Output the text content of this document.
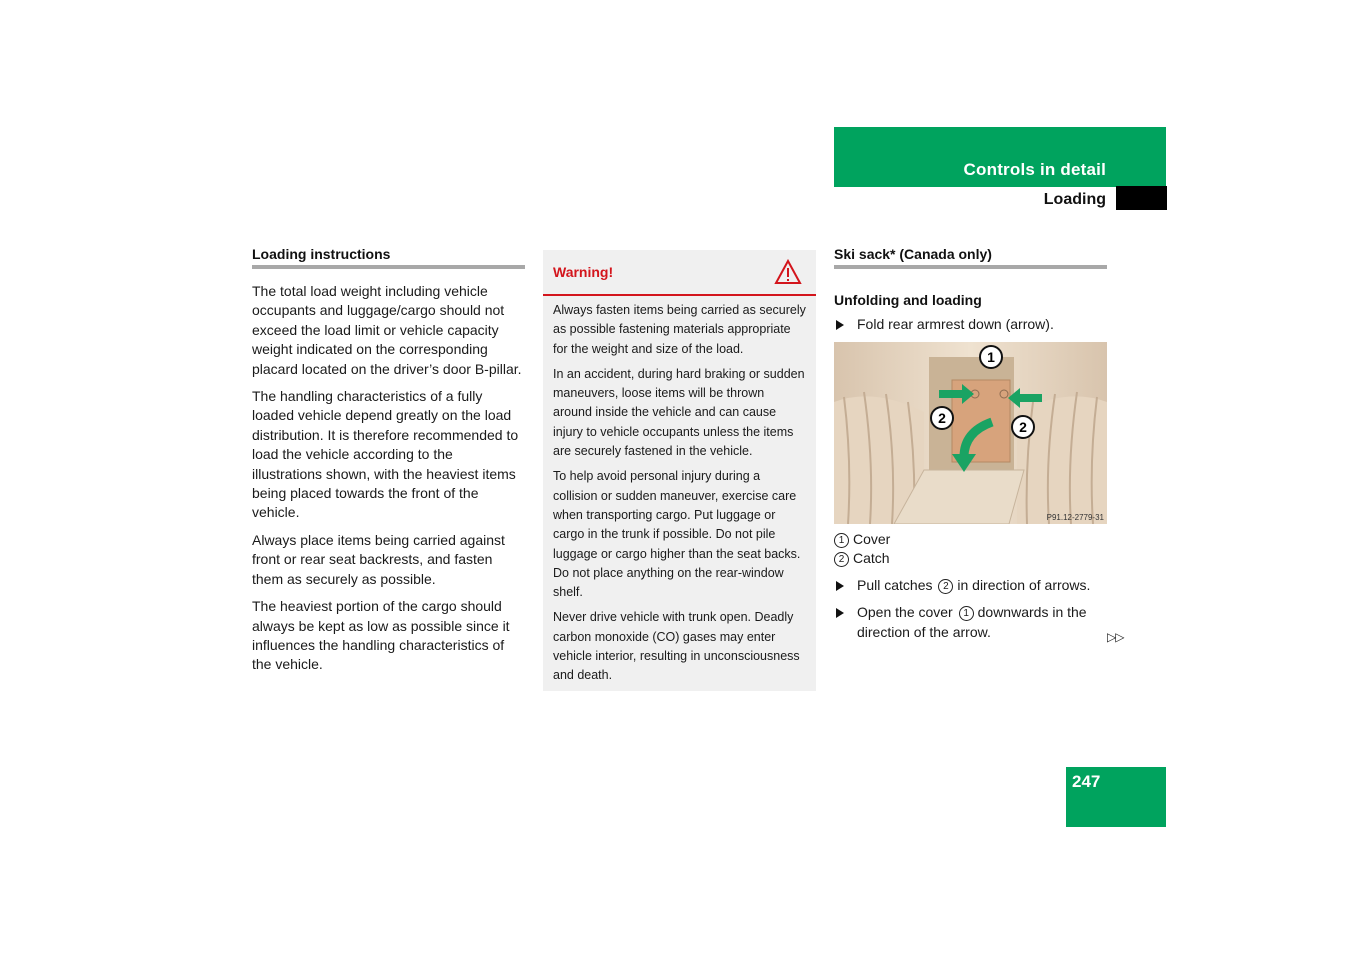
Controls in detail
Loading
Loading instructions

The total load weight including vehicle occupants and luggage/cargo should not exceed the load limit or vehicle capacity weight indicated on the corresponding placard located on the driver’s door B-pillar.

The handling characteristics of a fully loaded vehicle depend greatly on the load distribution. It is therefore recommended to load the vehicle according to the illustrations shown, with the heaviest items being placed towards the front of the vehicle.

Always place items being carried against front or rear seat backrests, and fasten them as securely as possible.

The heaviest portion of the cargo should always be kept as low as possible since it influences the handling characteristics of the vehicle.

Warning!

Always fasten items being carried as securely as possible fastening materials appropriate for the weight and size of the load.

In an accident, during hard braking or sudden maneuvers, loose items will be thrown around inside the vehicle and can cause injury to vehicle occupants unless the items are securely fastened in the vehicle.

To help avoid personal injury during a collision or sudden maneuver, exercise care when transporting cargo. Put luggage or cargo in the trunk if possible. Do not pile luggage or cargo higher than the seat backs. Do not place anything on the rear-window shelf.

Never drive vehicle with trunk open. Deadly carbon monoxide (CO) gases may enter vehicle interior, resulting in unconsciousness and death.

Ski sack* (Canada only)
Unfolding and loading
Fold rear armrest down (arrow).
1
2
2
P91.12-2779-31
1 Cover
2 Catch
Pull catches 2 in direction of arrows.
Open the cover 1 downwards in the direction of the arrow.	▷▷
247
